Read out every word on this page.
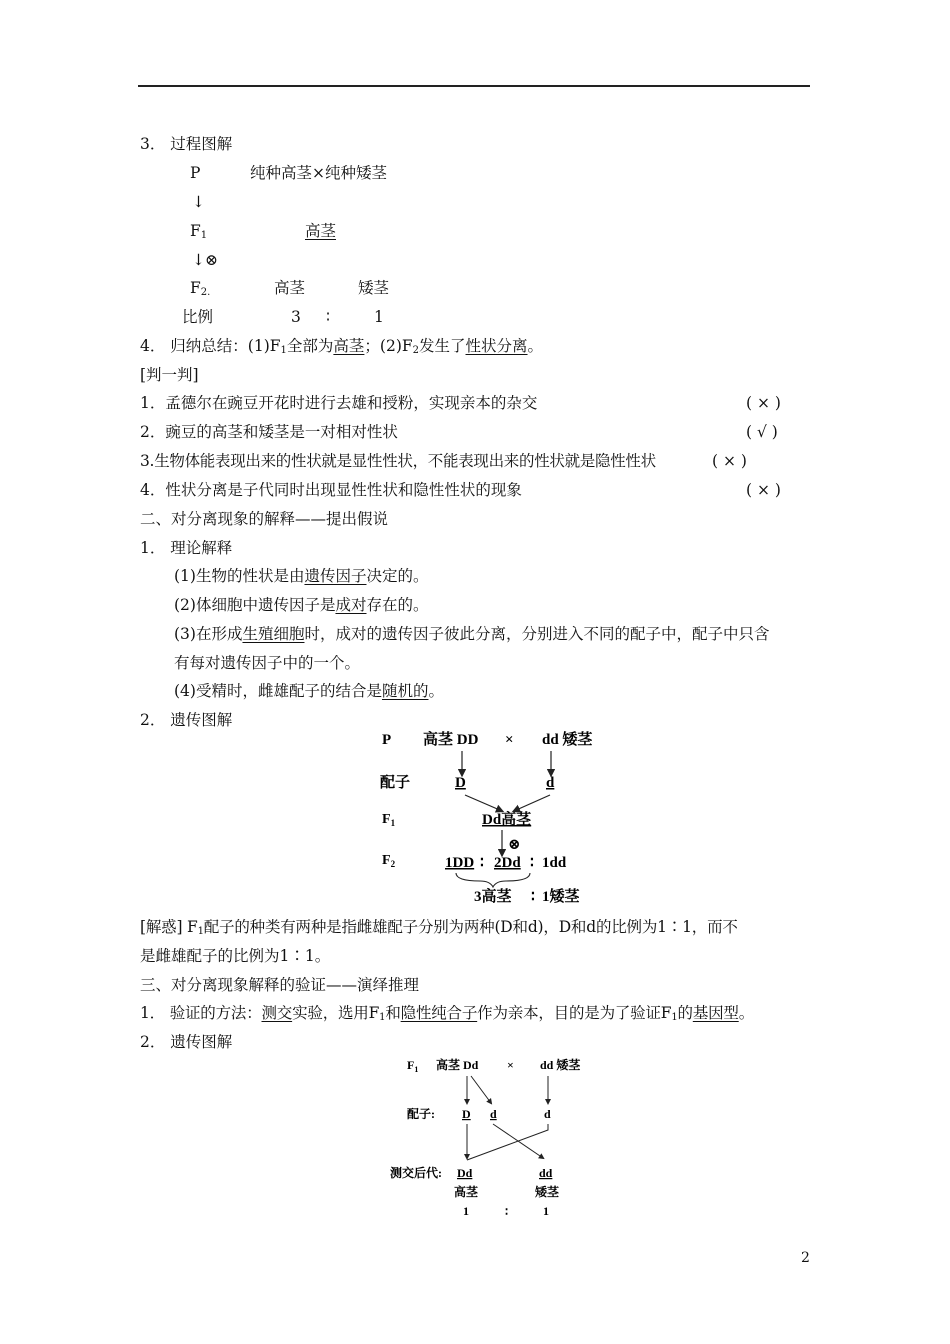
3． 过程图解
P	纯种高茎×纯种矮茎
↓
$F_1$	高茎
↓⊗
$F_{2.}$	高茎	矮茎
比例	3 ∶	1
4． 归纳总结：$(1)F_1$全部为高茎；$(2)F_2$发生了性状分离。
[判一判]
1．孟德尔在豌豆开花时进行去雄和授粉，实现亲本的杂交	( × )
2．豌豆的高茎和矮茎是一对相对性状	( √ )
3.生物体能表现出来的性状就是显性性状，不能表现出来的性状就是隐性性状	( × )
4．性状分离是子代同时出现显性性状和隐性性状的现象	( × )
二、对分离现象的解释——提出假说
1． 理论解释
(1)生物的性状是由遗传因子决定的。
(2)体细胞中遗传因子是成对存在的。
(3)在形成生殖细胞时，成对的遗传因子彼此分离，分别进入不同的配子中，配子中只含
有每对遗传因子中的一个。
(4)受精时，雌雄配子的结合是随机的。
2． 遗传图解
P 高茎 DD × dd 矮茎
配子	D	d
$F_1$	Dd高茎
⊗
$F_2$	1DD ∶ 2Dd ∶ 1dd
3高茎 ∶ 1矮茎
[解惑] $F_1$配子的种类有两种是指雌雄配子分别为两种(D和d)，D和d的比例为1∶1，而不
是雌雄配子的比例为1∶1。
三、对分离现象解释的验证——演绎推理
1． 验证的方法：测交实验，选用$F_1$和隐性纯合子作为亲本，目的是为了验证$F_1$的基因型。
2． 遗传图解
$F_1$ 高茎 Dd × dd 矮茎
配子: D d	d
测交后代: Dd	dd
高茎	矮茎
1	∶	1
2
